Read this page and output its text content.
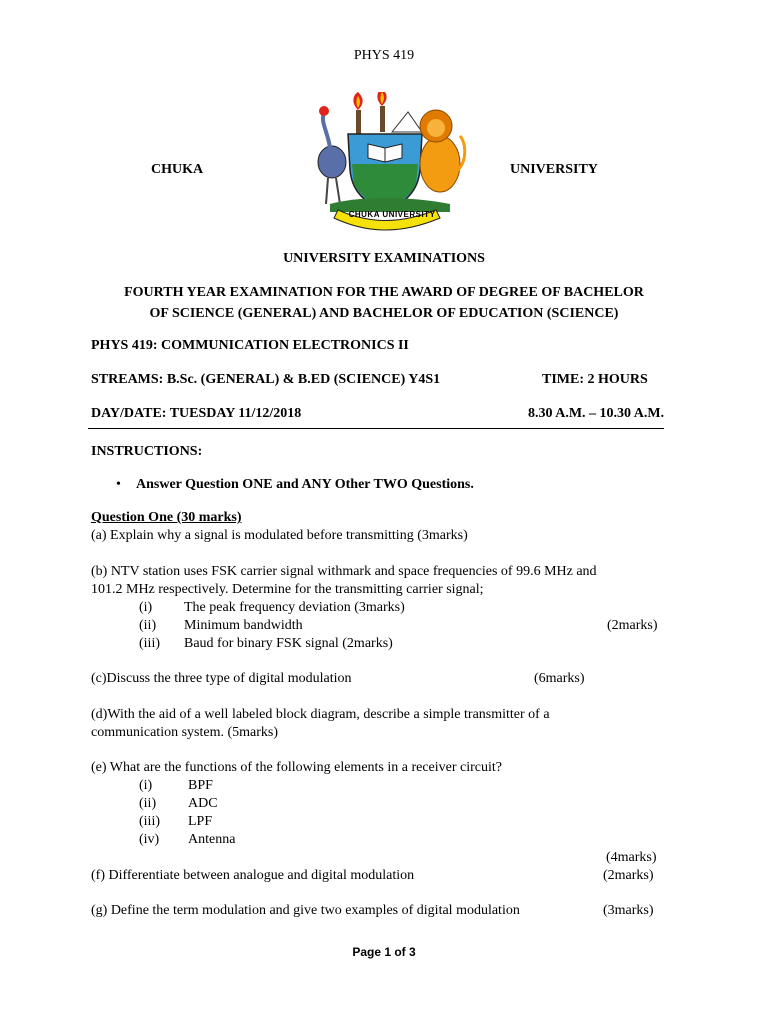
PHYS 419
CHUKA	UNIVERSITY
CHUKA UNIVERSITY
UNIVERSITY EXAMINATIONS
FOURTH YEAR EXAMINATION FOR THE AWARD OF DEGREE OF BACHELOR
OF SCIENCE (GENERAL) AND BACHELOR OF EDUCATION (SCIENCE)
PHYS 419: COMMUNICATION ELECTRONICS II
STREAMS: B.Sc. (GENERAL) & B.ED (SCIENCE) Y4S1	TIME: 2 HOURS
DAY/DATE: TUESDAY 11/12/2018	8.30 A.M. – 10.30 A.M.
INSTRUCTIONS:
• Answer Question ONE and ANY Other TWO Questions.
Question One (30 marks)
(a) Explain why a signal is modulated before transmitting (3marks)
(b) NTV station uses FSK carrier signal withmark and space frequencies of 99.6 MHz and
101.2 MHz respectively. Determine for the transmitting carrier signal;
(i) The peak frequency deviation (3marks)
(ii) Minimum bandwidth	(2marks)
(iii) Baud for binary FSK signal (2marks)
(c)Discuss the three type of digital modulation	(6marks)
(d)With the aid of a well labeled block diagram, describe a simple transmitter of a
communication system. (5marks)
(e) What are the functions of the following elements in a receiver circuit?
(i)	BPF
(ii) ADC
(iii) LPF
(iv) Antenna
(4marks)
(f) Differentiate between analogue and digital modulation	(2marks)
(g) Define the term modulation and give two examples of digital modulation	(3marks)
Page 1 of 3
